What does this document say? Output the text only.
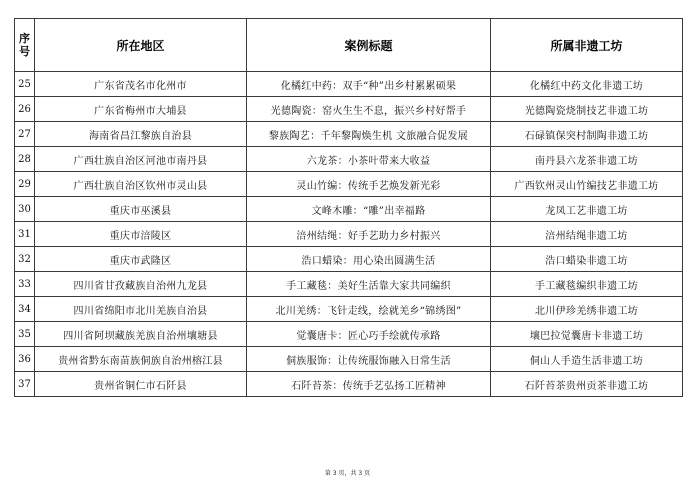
序号	所在地区	案例标题	所属非遗工坊
25	广东省茂名市化州市	化橘红中药：双手“种”出乡村累累硕果	化橘红中药文化非遗工坊
26	广东省梅州市大埔县	光德陶瓷：窑火生生不息，振兴乡村好帮手	光德陶瓷烧制技艺非遗工坊
27	海南省昌江黎族自治县	黎族陶艺：千年黎陶焕生机 文旅融合促发展	石碌镇保突村制陶非遗工坊
28	广西壮族自治区河池市南丹县	六龙茶：小茶叶带来大收益	南丹县六龙茶非遗工坊
29	广西壮族自治区钦州市灵山县	灵山竹编：传统手艺焕发新光彩	广西钦州灵山竹编技艺非遗工坊
30	重庆市巫溪县	文峰木雕：“雕”出幸福路	龙凤工艺非遗工坊
31	重庆市涪陵区	涪州结绳：好手艺助力乡村振兴	涪州结绳非遗工坊
32	重庆市武隆区	浩口蜡染：用心染出圆满生活	浩口蜡染非遗工坊
33	四川省甘孜藏族自治州九龙县	手工藏毯：美好生活靠大家共同编织	手工藏毯编织非遗工坊
34	四川省绵阳市北川羌族自治县	北川羌绣：飞针走线，绘就羌乡“锦绣图”	北川伊珍羌绣非遗工坊
35	四川省阿坝藏族羌族自治州壤塘县	觉囊唐卡：匠心巧手绘就传承路	壤巴拉觉囊唐卡非遗工坊
36	贵州省黔东南苗族侗族自治州榕江县	侗族服饰：让传统服饰融入日常生活	侗山人手造生活非遗工坊
37	贵州省铜仁市石阡县	石阡苔茶：传统手艺弘扬工匠精神	石阡苔茶贵州贡茶非遗工坊
第 3 页，共 3 页
